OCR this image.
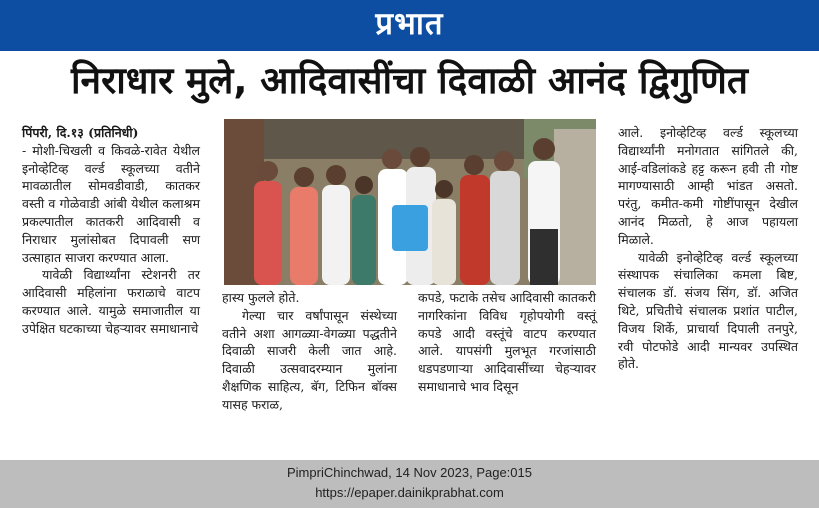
प्रभात
निराधार मुले, आदिवासींचा दिवाळी आनंद द्विगुणित

पिंपरी, दि.१३ (प्रतिनिधी)

- मोशी-चिखली व किवळे-रावेत येथील इनोव्हेटिव्ह वर्ल्ड स्कूलच्या वतीने मावळातील सोमवडीवाडी, कातकर वस्ती व गोळेवाडी आंबी येथील कलाश्रम प्रकल्पातील कातकरी आदिवासी व निराधार मुलांसोबत दिपावली सण उत्साहात साजरा करण्यात आला.

यावेळी विद्यार्थ्यांना स्टेशनरी तर आदिवासी महिलांना फराळाचे वाटप करण्यात आले. यामुळे समाजातील या उपेक्षित घटकाच्या चेहऱ्यावर समाधानाचे

हास्य फुलले होते.

गेल्या चार वर्षांपासून संस्थेच्या वतीने अशा आगळ्या-वेगळ्या पद्धतीने दिवाळी साजरी केली जात आहे. दिवाळी उत्सवादरम्यान मुलांना शैक्षणिक साहित्य, बॅग, टिफिन बॉक्स यासह फराळ,

कपडे, फटाके तसेच आदिवासी कातकरी नागरिकांना विविध गृहोपयोगी वस्तूं कपडे आदी वस्तूंचे वाटप करण्यात आले. यापसंगी मुलभूत गरजांसाठी धडपडणाऱ्या आदिवासींच्या चेहऱ्यावर समाधानाचे भाव दिसून

आले. इनोव्हेटिव्ह वर्ल्ड स्कूलच्या विद्यार्थ्यांनी मनोगतात सांगितले की, आई-वडिलांकडे हट्ट करून हवी ती गोष्ट मागण्यासाठी आम्ही भांडत असतो. परंतु, कमीत-कमी गोष्टींपासून देखील आनंद मिळतो, हे आज पहायला मिळाले.

यावेळी इनोव्हेटिव्ह वर्ल्ड स्कूलच्या संस्थापक संचालिका कमला बिष्ट, संचालक डॉ. संजय सिंग, डॉ. अजित थिटे, प्रचितीचे संचालक प्रशांत पाटील, विजय शिर्के, प्राचार्या दिपाली तनपुरे, रवी पोटफोडे आदी मान्यवर उपस्थित होते.

PimpriChinchwad, 14 Nov 2023, Page:015
https://epaper.dainikprabhat.com
